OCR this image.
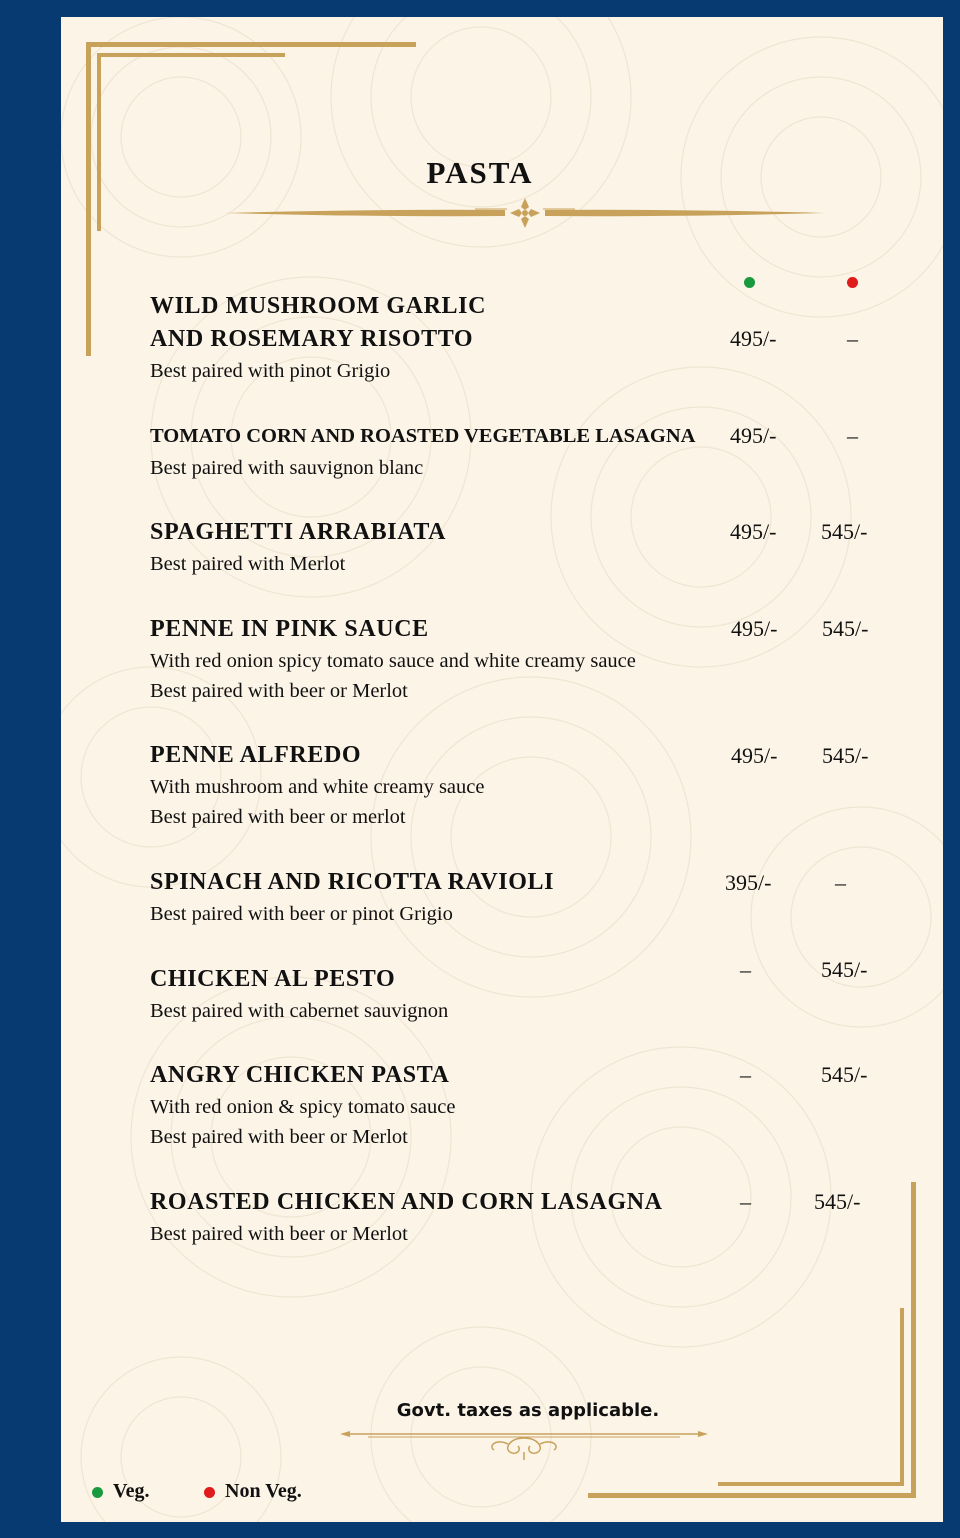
PASTA
WILD MUSHROOM GARLIC
AND ROSEMARY RISOTTO
Best paired with pinot Grigio
495/-	–
TOMATO CORN AND ROASTED VEGETABLE LASAGNA
Best paired with sauvignon blanc
495/-	–
SPAGHETTI ARRABIATA
Best paired with Merlot
495/- 545/-
PENNE IN PINK SAUCE
With red onion spicy tomato sauce and white creamy sauce
Best paired with beer or Merlot
495/- 545/-
PENNE ALFREDO
With mushroom and white creamy sauce
Best paired with beer or merlot
495/- 545/-
SPINACH AND RICOTTA RAVIOLI
Best paired with beer or pinot Grigio
395/-	–
CHICKEN AL PESTO
Best paired with cabernet sauvignon
–	545/-
ANGRY CHICKEN PASTA
With red onion & spicy tomato sauce
Best paired with beer or Merlot
–	545/-
ROASTED CHICKEN AND CORN LASAGNA
Best paired with beer or Merlot
–	545/-
Govt. taxes as applicable.
Veg.	Non Veg.
